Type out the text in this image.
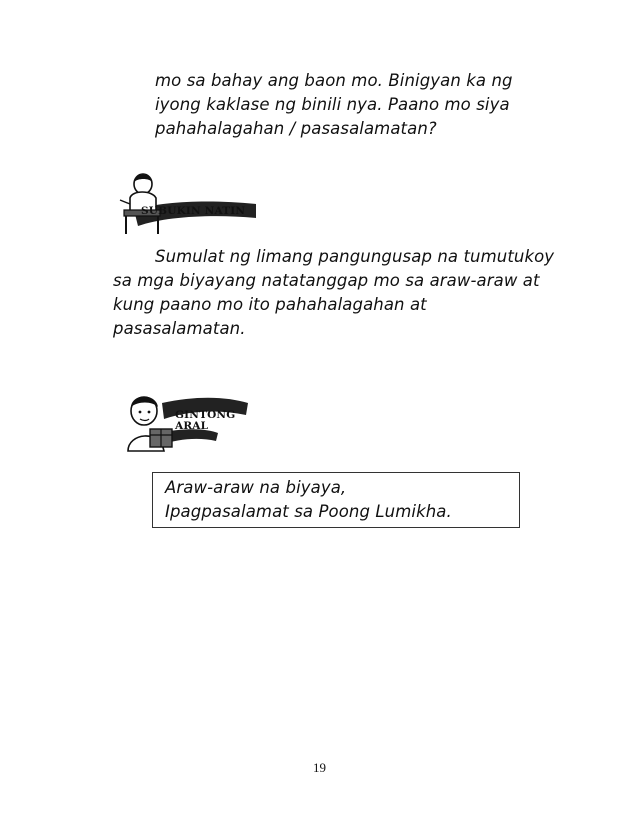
mo sa bahay ang baon mo. Binigyan ka ng
iyong kaklase ng binili nya. Paano mo siya
pahahalagahan / pasasalamatan?
SUBUKIN NATIN
Sumulat ng limang pangungusap na tumutukoy
sa mga biyayang natatanggap mo sa araw-araw at
kung paano mo ito pahahalagahan at
pasasalamatan.
GINTONG
ARAL
Araw-araw na biyaya,
Ipagpasalamat sa Poong Lumikha.
19
